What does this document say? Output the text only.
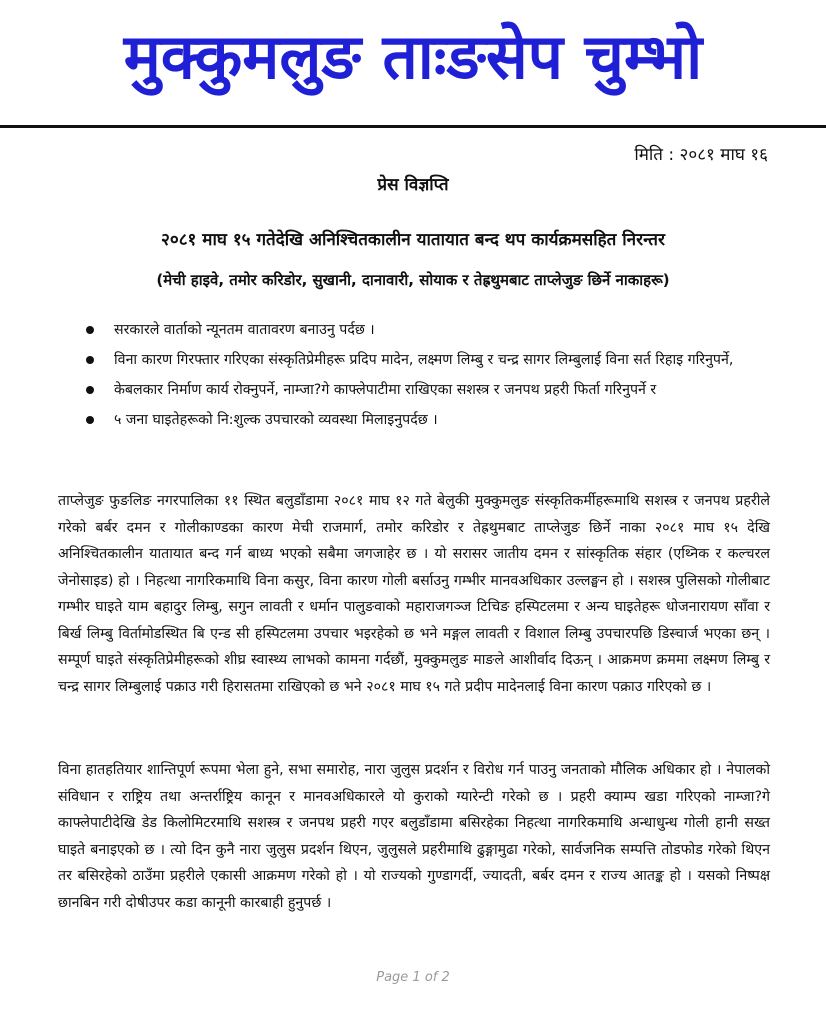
मुक्कुमलुङ ताःङसेप चुम्भो
मिति : २०८१ माघ १६
प्रेस विज्ञप्ति
२०८१ माघ १५ गतेदेखि अनिश्चितकालीन यातायात बन्द थप कार्यक्रमसहित निरन्तर
(मेची हाइवे, तमोर करिडोर, सुखानी, दानावारी, सोयाक र तेह्रथुमबाट ताप्लेजुङ छिर्ने नाकाहरू)
सरकारले वार्ताको न्यूनतम वातावरण बनाउनु पर्दछ ।
विना कारण गिरफ्तार गरिएका संस्कृतिप्रेमीहरू प्रदिप मादेन, लक्ष्मण लिम्बु र चन्द्र सागर लिम्बुलाई विना सर्त रिहाइ गरिनुपर्ने,
केबलकार निर्माण कार्य रोक्नुपर्ने, नाम्जा?गे काफ्लेपाटीमा राखिएका सशस्त्र र जनपथ प्रहरी फिर्ता गरिनुपर्ने र
५ जना घाइतेहरूको नि:शुल्क उपचारको व्यवस्था मिलाइनुपर्दछ ।

ताप्लेजुङ फुङलिङ नगरपालिका ११ स्थित बलुडाँडामा २०८१ माघ १२ गते बेलुकी मुक्कुमलुङ संस्कृतिकर्मीहरूमाथि सशस्त्र र जनपथ प्रहरीले गरेको बर्बर दमन र गोलीकाण्डका कारण मेची राजमार्ग, तमोर करिडोर र तेह्रथुमबाट ताप्लेजुङ छिर्ने नाका २०८१ माघ १५ देखि अनिश्चितकालीन यातायात बन्द गर्न बाध्य भएको सबैमा जगजाहेर छ । यो सरासर जातीय दमन र सांस्कृतिक संहार (एथ्निक र कल्चरल जेनोसाइड) हो । निहत्था नागरिकमाथि विना कसुर, विना कारण गोली बर्साउनु गम्भीर मानवअधिकार उल्लङ्घन हो । सशस्त्र पुलिसको गोलीबाट गम्भीर घाइते याम बहादुर लिम्बु, सगुन लावती र धर्मान पालुङवाको महाराजगञ्ज टिचिङ हस्पिटलमा र अन्य घाइतेहरू धोजनारायण साँवा र बिर्ख लिम्बु विर्तामोडस्थित बि एन्ड सी हस्पिटलमा उपचार भइरहेको छ भने मङ्गल लावती र विशाल लिम्बु उपचारपछि डिस्चार्ज भएका छन् । सम्पूर्ण घाइते संस्कृतिप्रेमीहरूको शीघ्र स्वास्थ्य लाभको कामना गर्दछौं, मुक्कुमलुङ माङले आशीर्वाद दिऊन् । आक्रमण क्रममा लक्ष्मण लिम्बु र चन्द्र सागर लिम्बुलाई पक्राउ गरी हिरासतमा राखिएको छ भने २०८१ माघ १५ गते प्रदीप मादेनलाई विना कारण पक्राउ गरिएको छ ।

विना हातहतियार शान्तिपूर्ण रूपमा भेला हुने, सभा समारोह, नारा जुलुस प्रदर्शन र विरोध गर्न पाउनु जनताको मौलिक अधिकार हो । नेपालको संविधान र राष्ट्रिय तथा अन्तर्राष्ट्रिय कानून र मानवअधिकारले यो कुराको ग्यारेन्टी गरेको छ । प्रहरी क्याम्प खडा गरिएको नाम्जा?गे काफ्लेपाटीदेखि डेड किलोमिटरमाथि सशस्त्र र जनपथ प्रहरी गएर बलुडाँडामा बसिरहेका निहत्था नागरिकमाथि अन्धाधुन्ध गोली हानी सख्त घाइते बनाइएको छ । त्यो दिन कुनै नारा जुलुस प्रदर्शन थिएन, जुलुसले प्रहरीमाथि ढुङ्गामुढा गरेको, सार्वजनिक सम्पत्ति तोडफोड गरेको थिएन तर बसिरहेको ठाउँमा प्रहरीले एकासी आक्रमण गरेको हो । यो राज्यको गुण्डागर्दी, ज्यादती, बर्बर दमन र राज्य आतङ्क हो । यसको निष्पक्ष छानबिन गरी दोषीउपर कडा कानूनी कारबाही हुनुपर्छ ।

Page 1 of 2
